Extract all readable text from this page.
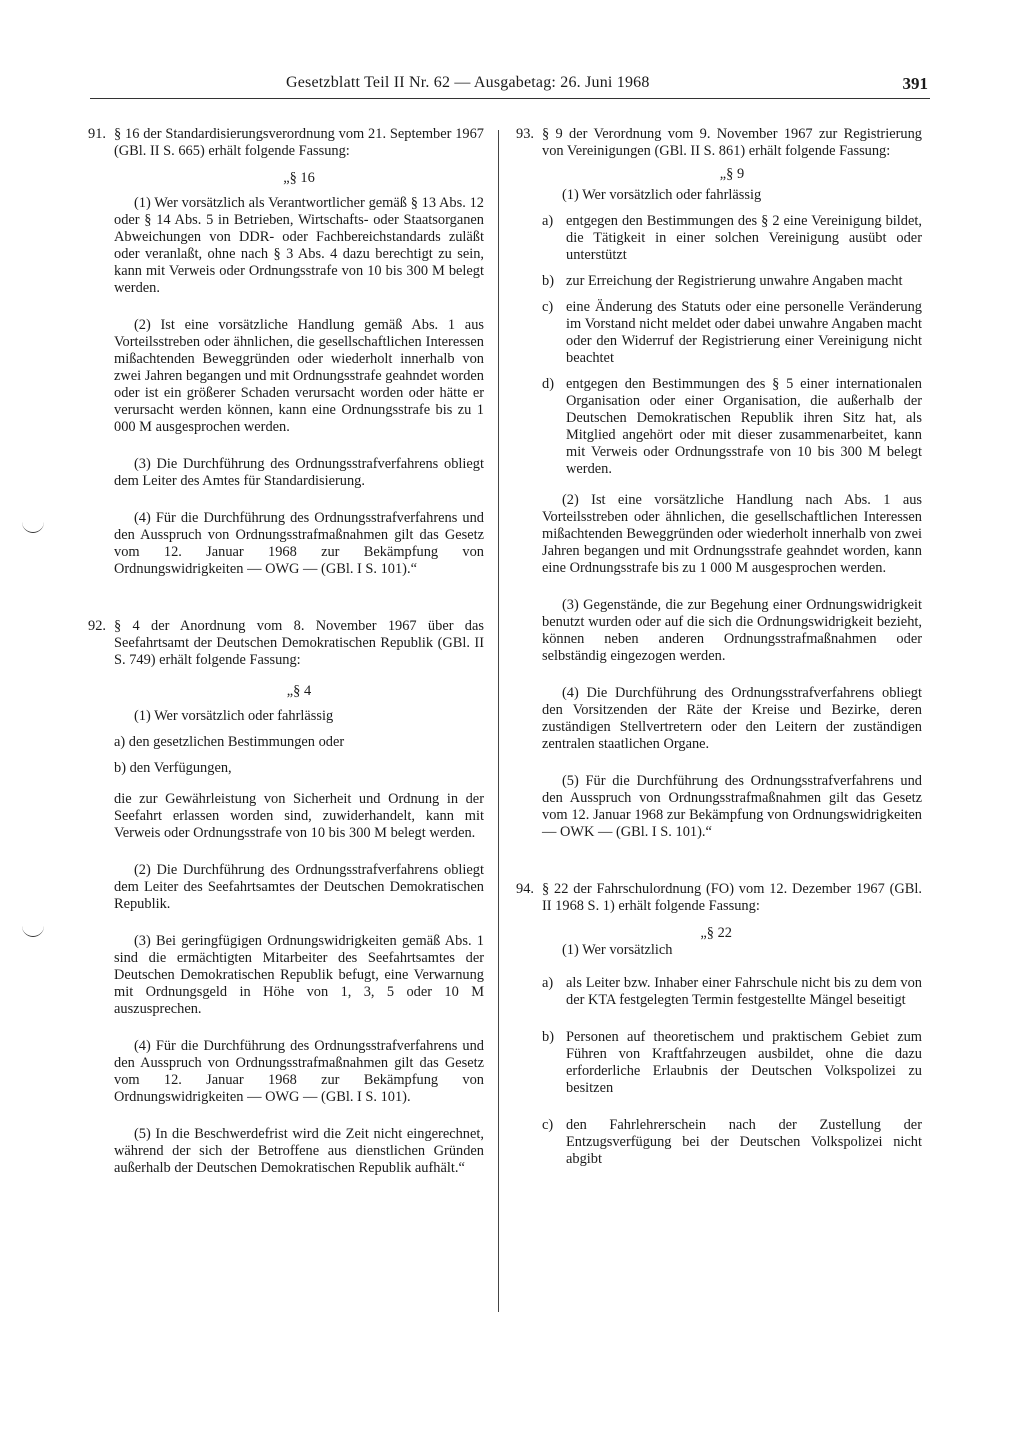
Gesetzblatt Teil II Nr. 62 — Ausgabetag: 26. Juni 1968	391
91. § 16 der Standardisierungsverordnung vom 21. September 1967 (GBl. II S. 665) erhält folgende Fassung:

„§ 16

(1) Wer vorsätzlich als Verantwortlicher gemäß § 13 Abs. 12 oder § 14 Abs. 5 in Betrieben, Wirtschafts- oder Staatsorganen Abweichungen von DDR- oder Fachbereichstandards zuläßt oder veranlaßt, ohne nach § 3 Abs. 4 dazu berechtigt zu sein, kann mit Verweis oder Ordnungsstrafe von 10 bis 300 M belegt werden.

(2) Ist eine vorsätzliche Handlung gemäß Abs. 1 aus Vorteilsstreben oder ähnlichen, die gesellschaftlichen Interessen mißachtenden Beweggründen oder wiederholt innerhalb von zwei Jahren begangen und mit Ordnungsstrafe geahndet worden oder ist ein größerer Schaden verursacht worden oder hätte er verursacht werden können, kann eine Ordnungsstrafe bis zu 1 000 M ausgesprochen werden.

(3) Die Durchführung des Ordnungsstrafverfahrens obliegt dem Leiter des Amtes für Standardisierung.

(4) Für die Durchführung des Ordnungsstrafverfahrens und den Ausspruch von Ordnungsstrafmaßnahmen gilt das Gesetz vom 12. Januar 1968 zur Bekämpfung von Ordnungswidrigkeiten — OWG — (GBl. I S. 101).“

92. § 4 der Anordnung vom 8. November 1967 über das Seefahrtsamt der Deutschen Demokratischen Republik (GBl. II S. 749) erhält folgende Fassung:

„§ 4

(1) Wer vorsätzlich oder fahrlässig

a) den gesetzlichen Bestimmungen oder

b) den Verfügungen,

die zur Gewährleistung von Sicherheit und Ordnung in der Seefahrt erlassen worden sind, zuwiderhandelt, kann mit Verweis oder Ordnungsstrafe von 10 bis 300 M belegt werden.

(2) Die Durchführung des Ordnungsstrafverfahrens obliegt dem Leiter des Seefahrtsamtes der Deutschen Demokratischen Republik.

(3) Bei geringfügigen Ordnungswidrigkeiten gemäß Abs. 1 sind die ermächtigten Mitarbeiter des Seefahrtsamtes der Deutschen Demokratischen Republik befugt, eine Verwarnung mit Ordnungsgeld in Höhe von 1, 3, 5 oder 10 M auszusprechen.

(4) Für die Durchführung des Ordnungsstrafverfahrens und den Ausspruch von Ordnungsstrafmaßnahmen gilt das Gesetz vom 12. Januar 1968 zur Bekämpfung von Ordnungswidrigkeiten — OWG — (GBl. I S. 101).

(5) In die Beschwerdefrist wird die Zeit nicht eingerechnet, während der sich der Betroffene aus dienstlichen Gründen außerhalb der Deutschen Demokratischen Republik aufhält.“

93. § 9 der Verordnung vom 9. November 1967 zur Registrierung von Vereinigungen (GBl. II S. 861) erhält folgende Fassung:

„§ 9

(1) Wer vorsätzlich oder fahrlässig

a) entgegen den Bestimmungen des § 2 eine Vereinigung bildet, die Tätigkeit in einer solchen Vereinigung ausübt oder unterstützt
b) zur Erreichung der Registrierung unwahre Angaben macht
c) eine Änderung des Statuts oder eine personelle Veränderung im Vorstand nicht meldet oder dabei unwahre Angaben macht oder den Widerruf der Registrierung einer Vereinigung nicht beachtet
d) entgegen den Bestimmungen des § 5 einer internationalen Organisation oder einer Organisation, die außerhalb der Deutschen Demokratischen Republik ihren Sitz hat, als Mitglied angehört oder mit dieser zusammenarbeitet, kann mit Verweis oder Ordnungsstrafe von 10 bis 300 M belegt werden.

(2) Ist eine vorsätzliche Handlung nach Abs. 1 aus Vorteilsstreben oder ähnlichen, die gesellschaftlichen Interessen mißachtenden Beweggründen oder wiederholt innerhalb von zwei Jahren begangen und mit Ordnungsstrafe geahndet worden, kann eine Ordnungsstrafe bis zu 1 000 M ausgesprochen werden.

(3) Gegenstände, die zur Begehung einer Ordnungswidrigkeit benutzt wurden oder auf die sich die Ordnungswidrigkeit bezieht, können neben anderen Ordnungsstrafmaßnahmen oder selbständig eingezogen werden.

(4) Die Durchführung des Ordnungsstrafverfahrens obliegt den Vorsitzenden der Räte der Kreise und Bezirke, deren zuständigen Stellvertretern oder den Leitern der zuständigen zentralen staatlichen Organe.

(5) Für die Durchführung des Ordnungsstrafverfahrens und den Ausspruch von Ordnungsstrafmaßnahmen gilt das Gesetz vom 12. Januar 1968 zur Bekämpfung von Ordnungswidrigkeiten — OWK — (GBl. I S. 101).“

94. § 22 der Fahrschulordnung (FO) vom 12. Dezember 1967 (GBl. II 1968 S. 1) erhält folgende Fassung:

„§ 22

(1) Wer vorsätzlich

a) als Leiter bzw. Inhaber einer Fahrschule nicht bis zu dem von der KTA festgelegten Termin festgestellte Mängel beseitigt
b) Personen auf theoretischem und praktischem Gebiet zum Führen von Kraftfahrzeugen ausbildet, ohne die dazu erforderliche Erlaubnis der Deutschen Volkspolizei zu besitzen
c) den Fahrlehrerschein nach der Zustellung der Entzugsverfügung bei der Deutschen Volkspolizei nicht abgibt
